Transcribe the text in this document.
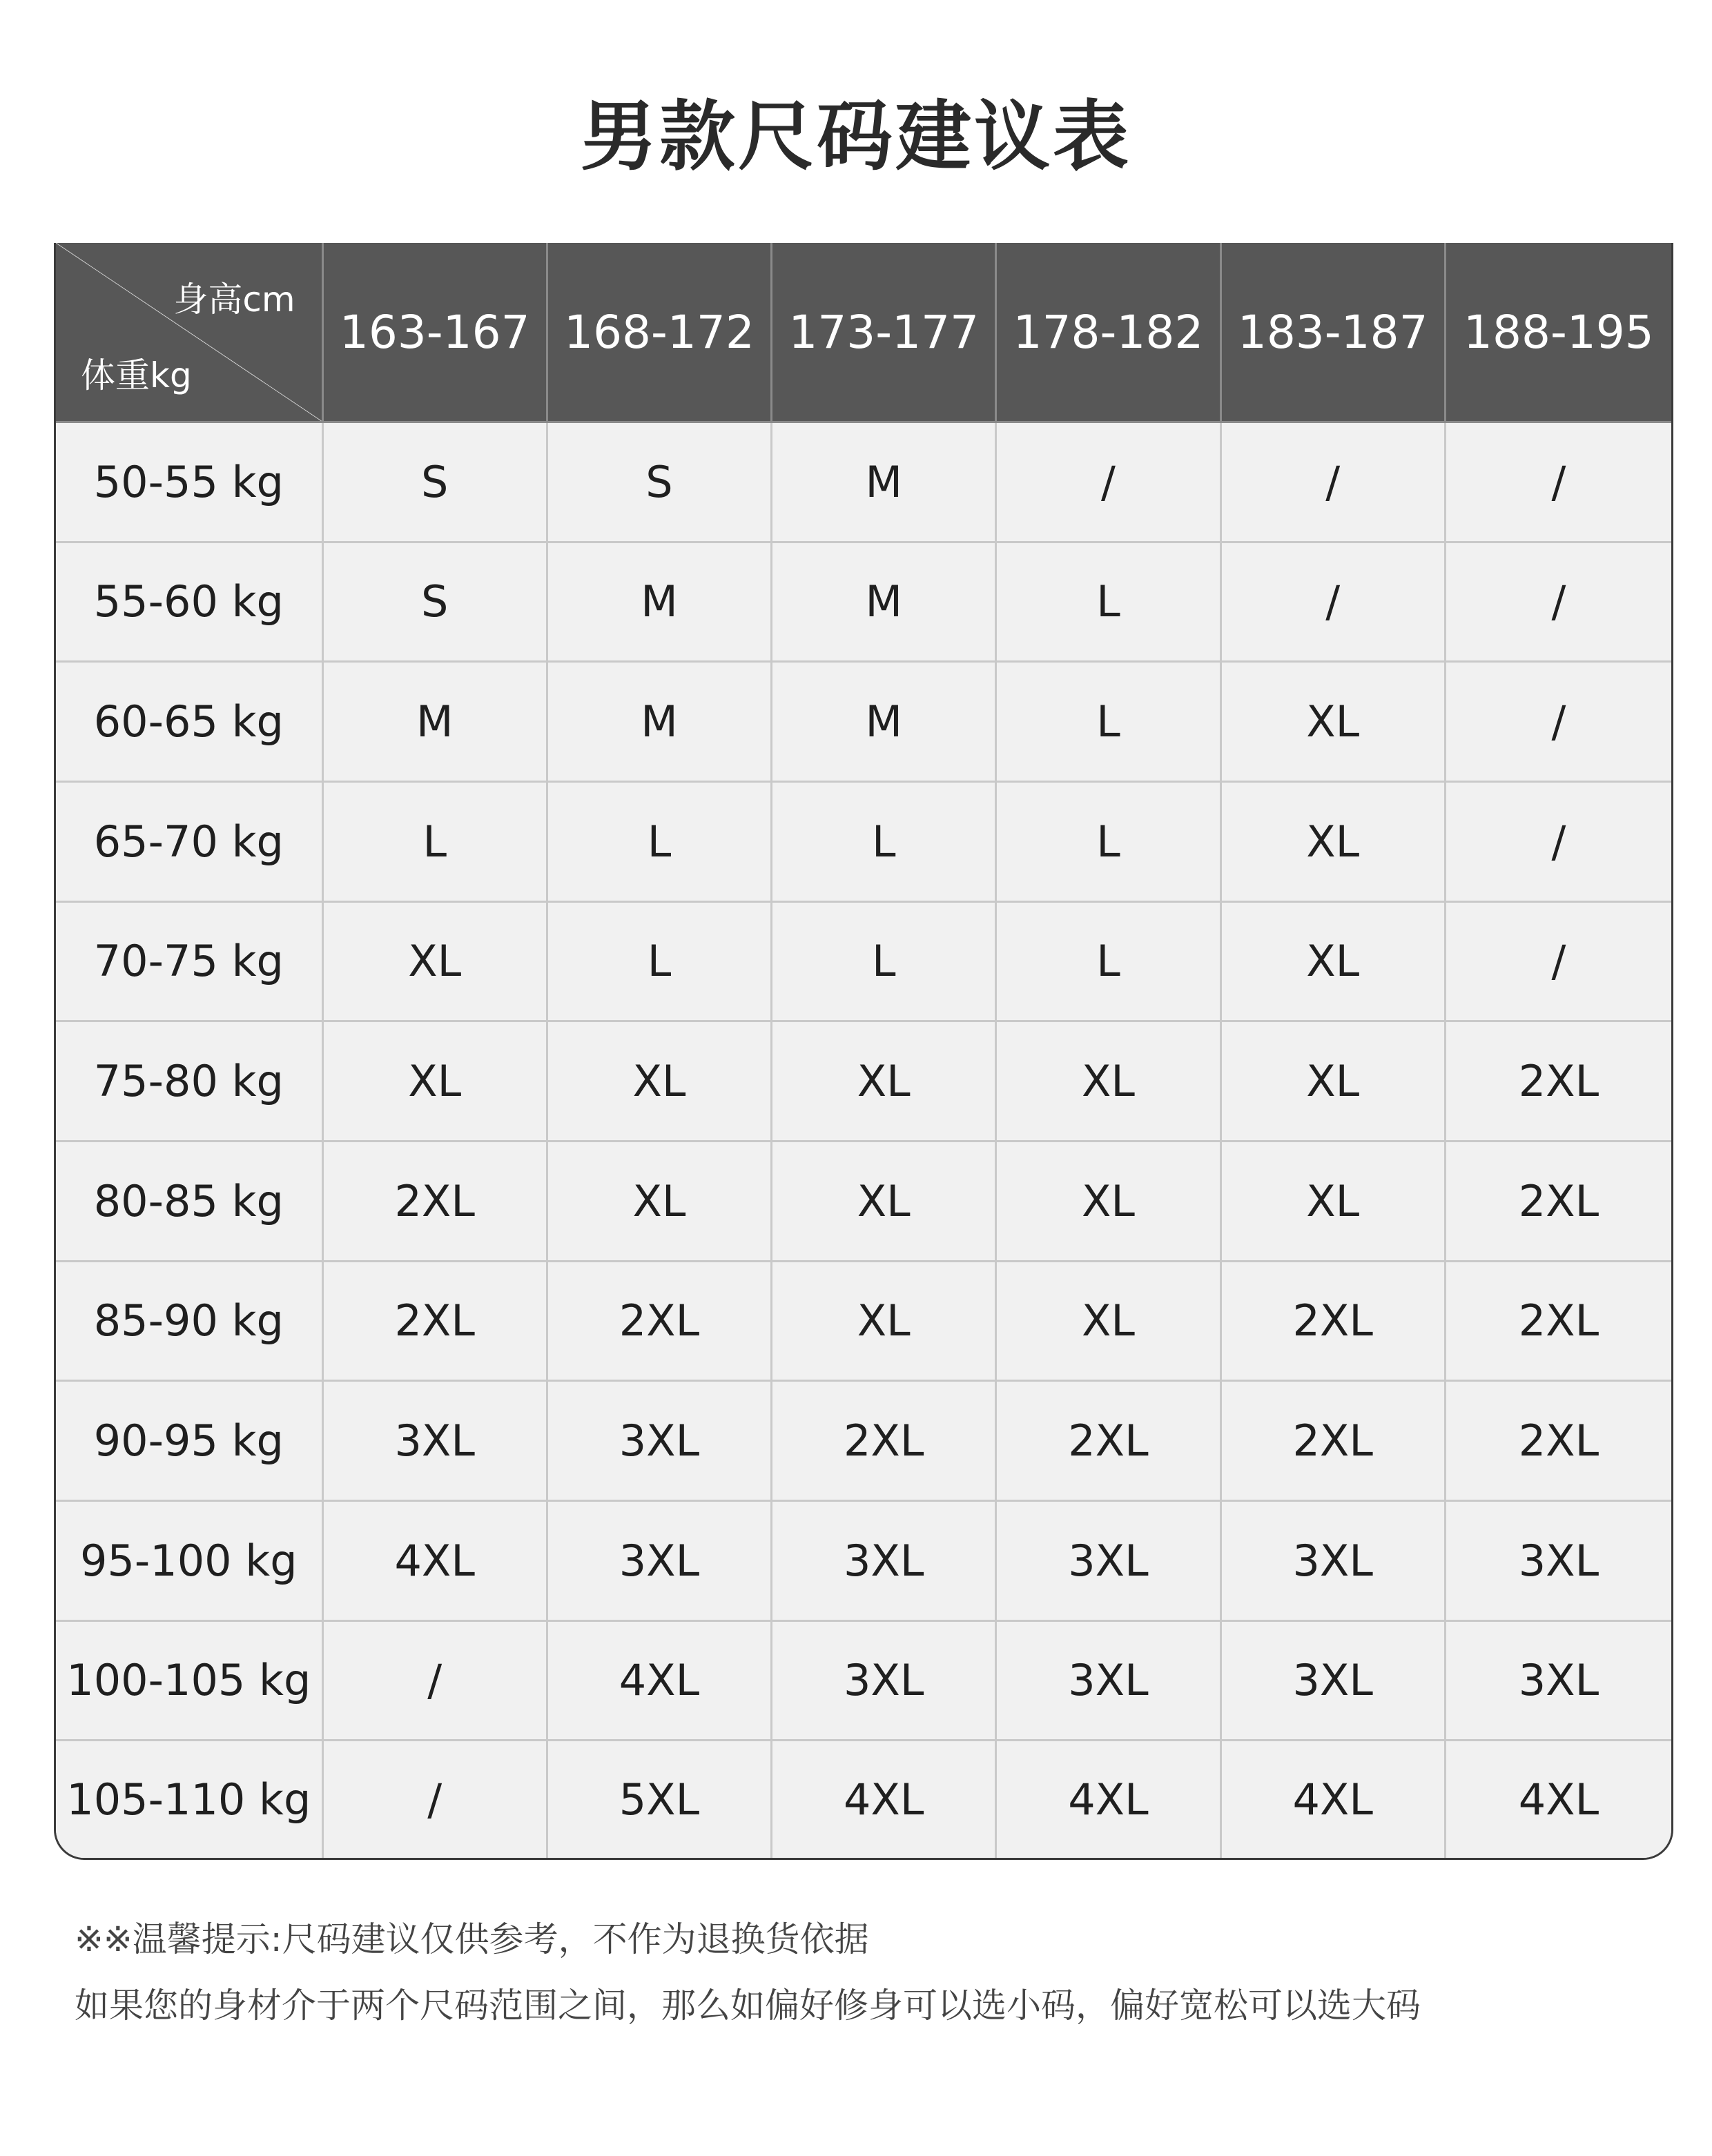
男款尺码建议表
身高cm
体重kg	163-167	168-172	173-177	178-182	183-187	188-195
50-55 kg	S	S	M	/	/	/
55-60 kg	S	M	M	L	/	/
60-65 kg	M	M	M	L	XL	/
65-70 kg	L	L	L	L	XL	/
70-75 kg	XL	L	L	L	XL	/
75-80 kg	XL	XL	XL	XL	XL	2XL
80-85 kg	2XL	XL	XL	XL	XL	2XL
85-90 kg	2XL	2XL	XL	XL	2XL	2XL
90-95 kg	3XL	3XL	2XL	2XL	2XL	2XL
95-100 kg	4XL	3XL	3XL	3XL	3XL	3XL
100-105 kg	/	4XL	3XL	3XL	3XL	3XL
105-110 kg	/	5XL	4XL	4XL	4XL	4XL
※※温馨提示:尺码建议仅供参考，不作为退换货依据
如果您的身材介于两个尺码范围之间，那么如偏好修身可以选小码，偏好宽松可以选大码
